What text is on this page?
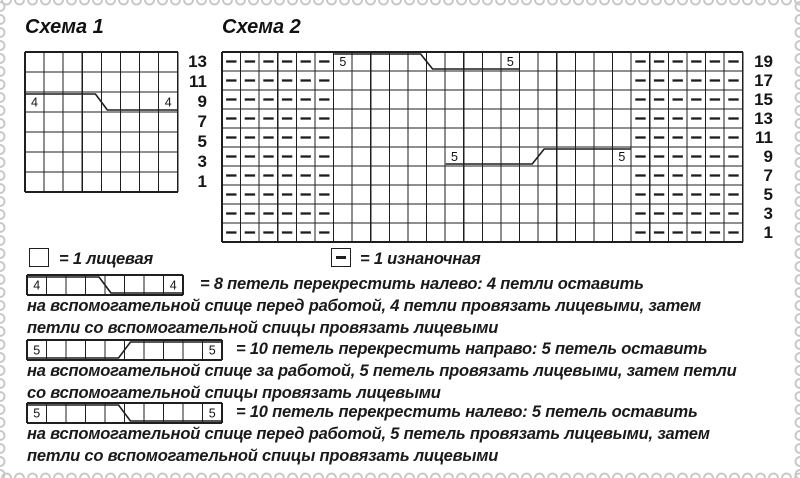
Схема 1	Схема 2
4	4
13
11
9
7
5
3
1
5	5
5	5
19
17
15
13
11
9
7
5
3
1
= 1 лицевая	= 1 изнаночная
4	4 = 8 петель перекрестить налево: 4 петли оставить
на вспомогательной спице перед работой, 4 петли провязать лицевыми, затем
петли со вспомогательной спицы провязать лицевыми
5	5 = 10 петель перекрестить направо: 5 петель оставить
на вспомогательной спице за работой, 5 петель провязать лицевыми, затем петли
со вспомогательной спицы провязать лицевыми
5	5 = 10 петель перекрестить налево: 5 петель оставить
на вспомогательной спице перед работой, 5 петель провязать лицевыми, затем
петли со вспомогательной спицы провязать лицевыми
